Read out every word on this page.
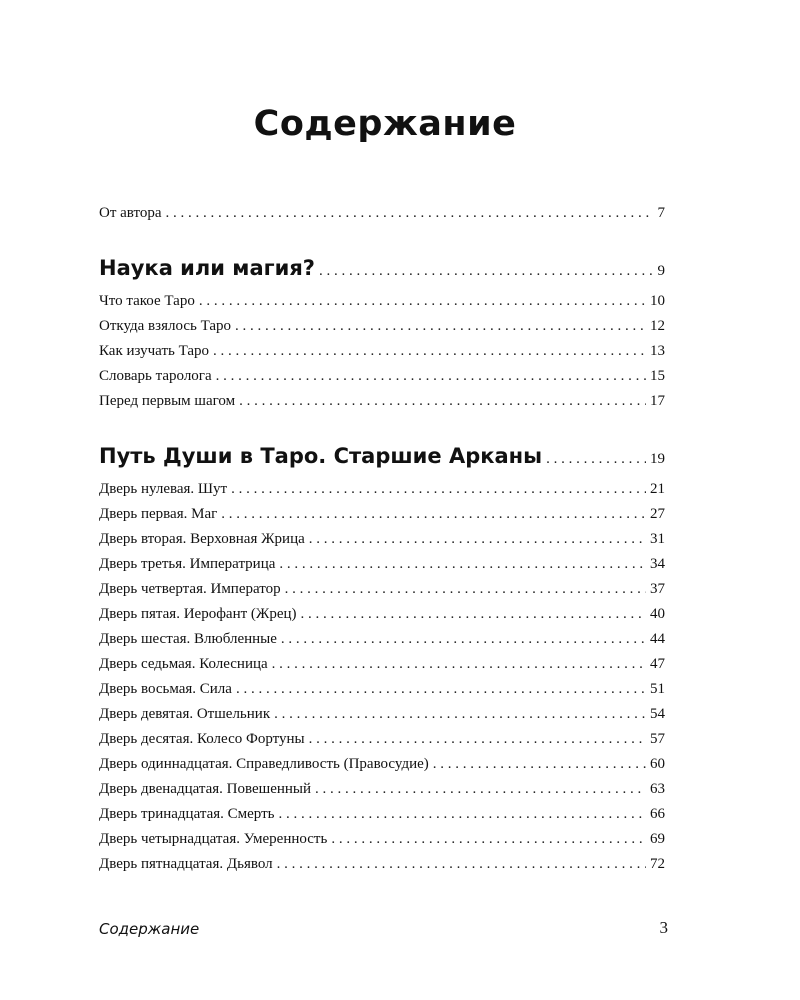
Содержание
Содержание	3
От автора . . .	7
Наука или магия? . . .	9
Что такое Таро . . .	10
Откуда взялось Таро . . .	12
Как изучать Таро . . .	13
Словарь таролога . . .	15
Перед первым шагом . . .	17
Путь Души в Таро. Старшие Арканы . . .	19
Дверь нулевая. Шут . . .	21
Дверь первая. Маг . . .	27
Дверь вторая. Верховная Жрица . . .	31
Дверь третья. Императрица . . .	34
Дверь четвертая. Император . . .	37
Дверь пятая. Иерофант (Жрец) . . .	40
Дверь шестая. Влюбленные . . .	44
Дверь седьмая. Колесница . . .	47
Дверь восьмая. Сила . . .	51
Дверь девятая. Отшельник . . .	54
Дверь десятая. Колесо Фортуны . . .	57
Дверь одиннадцатая. Справедливость (Правосудие) . . .	60
Дверь двенадцатая. Повешенный . . .	63
Дверь тринадцатая. Смерть . . .	66
Дверь четырнадцатая. Умеренность . . .	69
Дверь пятнадцатая. Дьявол . . .	72
